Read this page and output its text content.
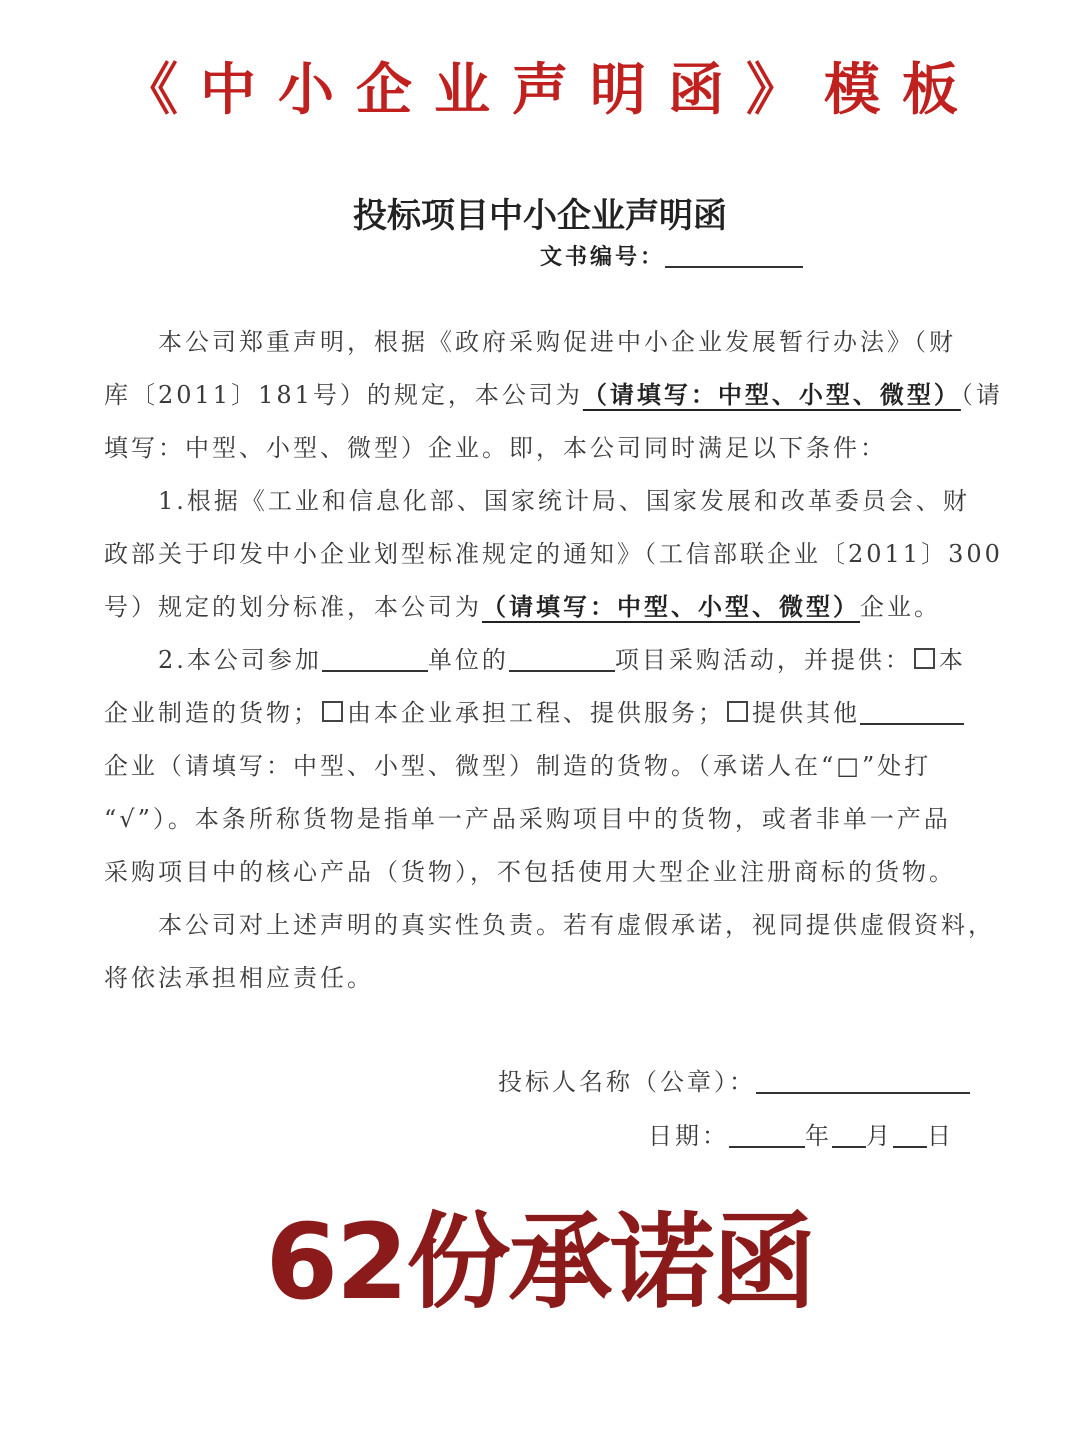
《中小企业声明函》模板
投标项目中小企业声明函
文书编号：
本公司郑重声明，根据《政府采购促进中小企业发展暂行办法》（财
库〔2011〕181号）的规定，本公司为（请填写：中型、小型、微型）（请
填写：中型、小型、微型）企业。即，本公司同时满足以下条件：
1.根据《工业和信息化部、国家统计局、国家发展和改革委员会、财
政部关于印发中小企业划型标准规定的通知》（工信部联企业〔2011〕300
号）规定的划分标准，本公司为（请填写：中型、小型、微型）企业。
2.本公司参加	单位的	项目采购活动，并提供： 本
企业制造的货物； 由本企业承担工程、提供服务； 提供其他
企业（请填写：中型、小型、微型）制造的货物。（承诺人在“□”处打
“√”）。本条所称货物是指单一产品采购项目中的货物，或者非单一产品
采购项目中的核心产品（货物），不包括使用大型企业注册商标的货物。
本公司对上述声明的真实性负责。若有虚假承诺，视同提供虚假资料，
将依法承担相应责任。
投标人名称（公章）：
日期：	年 月 日
62份承诺函
